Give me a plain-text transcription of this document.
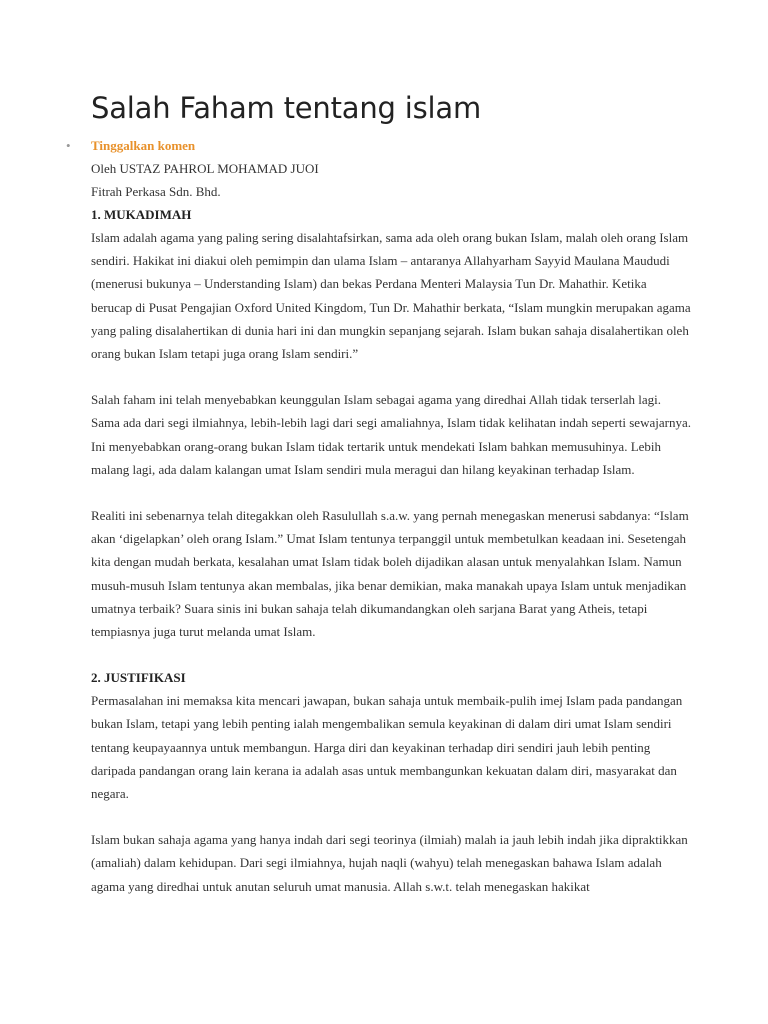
Salah Faham tentang islam
• Tinggalkan komen

Oleh USTAZ PAHROL MOHAMAD JUOI

Fitrah Perkasa Sdn. Bhd.

1. MUKADIMAH

Islam adalah agama yang paling sering disalahtafsirkan, sama ada oleh orang bukan Islam, malah oleh orang Islam sendiri. Hakikat ini diakui oleh pemimpin dan ulama Islam – antaranya Allahyarham Sayyid Maulana Maududi (menerusi bukunya – Understanding Islam) dan bekas Perdana Menteri Malaysia Tun Dr. Mahathir. Ketika berucap di Pusat Pengajian Oxford United Kingdom, Tun Dr. Mahathir berkata, “Islam mungkin merupakan agama yang paling disalahertikan di dunia hari ini dan mungkin sepanjang sejarah. Islam bukan sahaja disalahertikan oleh orang bukan Islam tetapi juga orang Islam sendiri.”

Salah faham ini telah menyebabkan keunggulan Islam sebagai agama yang diredhai Allah tidak terserlah lagi. Sama ada dari segi ilmiahnya, lebih-lebih lagi dari segi amaliahnya, Islam tidak kelihatan indah seperti sewajarnya. Ini menyebabkan orang-orang bukan Islam tidak tertarik untuk mendekati Islam bahkan memusuhinya. Lebih malang lagi, ada dalam kalangan umat Islam sendiri mula meragui dan hilang keyakinan terhadap Islam.

Realiti ini sebenarnya telah ditegakkan oleh Rasulullah s.a.w. yang pernah menegaskan menerusi sabdanya: “Islam akan ‘digelapkan’ oleh orang Islam.” Umat Islam tentunya terpanggil untuk membetulkan keadaan ini. Sesetengah kita dengan mudah berkata, kesalahan umat Islam tidak boleh dijadikan alasan untuk menyalahkan Islam. Namun musuh-musuh Islam tentunya akan membalas, jika benar demikian, maka manakah upaya Islam untuk menjadikan umatnya terbaik? Suara sinis ini bukan sahaja telah dikumandangkan oleh sarjana Barat yang Atheis, tetapi tempiasnya juga turut melanda umat Islam.

2. JUSTIFIKASI

Permasalahan ini memaksa kita mencari jawapan, bukan sahaja untuk membaik-pulih imej Islam pada pandangan bukan Islam, tetapi yang lebih penting ialah mengembalikan semula keyakinan di dalam diri umat Islam sendiri tentang keupayaannya untuk membangun. Harga diri dan keyakinan terhadap diri sendiri jauh lebih penting daripada pandangan orang lain kerana ia adalah asas untuk membangunkan kekuatan dalam diri, masyarakat dan negara.

Islam bukan sahaja agama yang hanya indah dari segi teorinya (ilmiah) malah ia jauh lebih indah jika dipraktikkan (amaliah) dalam kehidupan. Dari segi ilmiahnya, hujah naqli (wahyu) telah menegaskan bahawa Islam adalah agama yang diredhai untuk anutan seluruh umat manusia. Allah s.w.t. telah menegaskan hakikat
